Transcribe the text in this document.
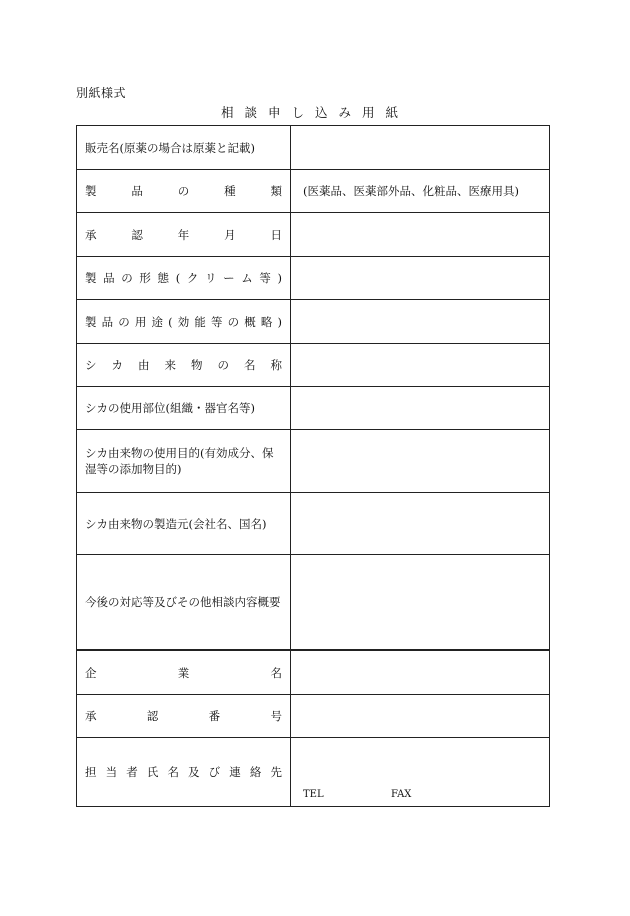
別紙様式
相談申し込み用紙
販売名(原薬の場合は原薬と記載)
製品の種類	(医薬品、医薬部外品、化粧品、医療用具)
承認年月日
製品の形態(クリーム等)
製品の用途(効能等の概略)
シカ由来物の名称
シカの使用部位(組織・器官名等)
シカ由来物の使用目的(有効成分、保湿等の添加物目的)
シカ由来物の製造元(会社名、国名)
今後の対応等及びその他相談内容概要
企業名
承認番号
担当者氏名及び連絡先
TEL	FAX
